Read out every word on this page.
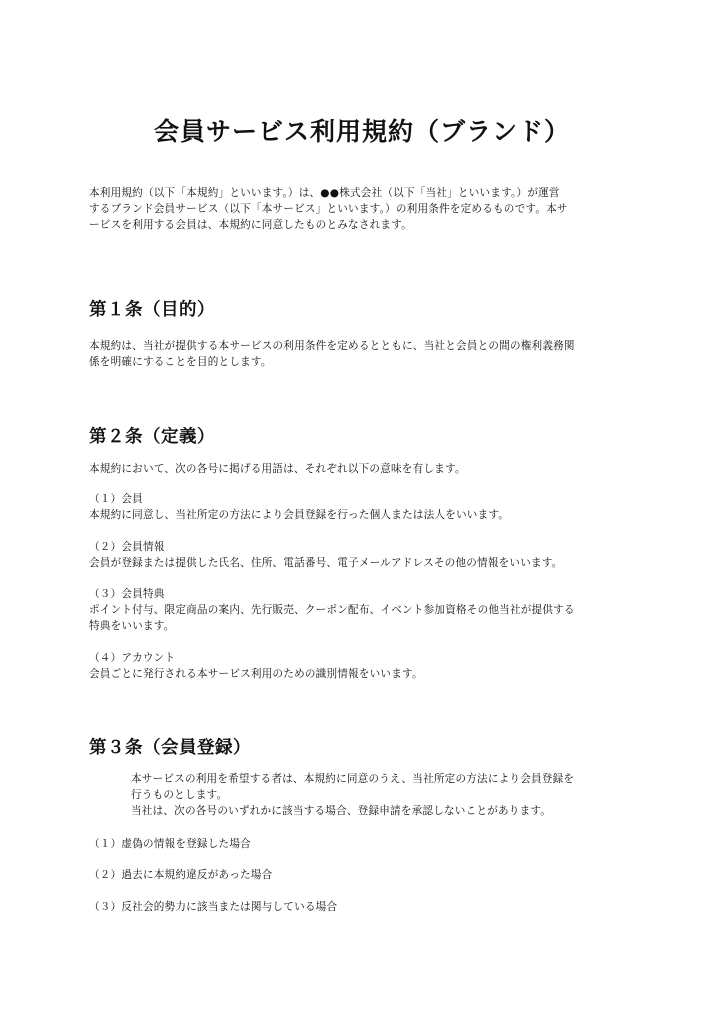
会員サービス利用規約（ブランド）
本利用規約（以下「本規約」といいます。）は、●●株式会社（以下「当社」といいます。）が運営
するブランド会員サービス（以下「本サービス」といいます。）の利用条件を定めるものです。本サ
ービスを利用する会員は、本規約に同意したものとみなされます。
第１条（目的）
本規約は、当社が提供する本サービスの利用条件を定めるとともに、当社と会員との間の権利義務関
係を明確にすることを目的とします。
第２条（定義）
本規約において、次の各号に掲げる用語は、それぞれ以下の意味を有します。
（１）会員
本規約に同意し、当社所定の方法により会員登録を行った個人または法人をいいます。
（２）会員情報
会員が登録または提供した氏名、住所、電話番号、電子メールアドレスその他の情報をいいます。
（３）会員特典
ポイント付与、限定商品の案内、先行販売、クーポン配布、イベント参加資格その他当社が提供する
特典をいいます。
（４）アカウント
会員ごとに発行される本サービス利用のための識別情報をいいます。
第３条（会員登録）
本サービスの利用を希望する者は、本規約に同意のうえ、当社所定の方法により会員登録を
行うものとします。
当社は、次の各号のいずれかに該当する場合、登録申請を承認しないことがあります。
（１）虚偽の情報を登録した場合
（２）過去に本規約違反があった場合
（３）反社会的勢力に該当または関与している場合
